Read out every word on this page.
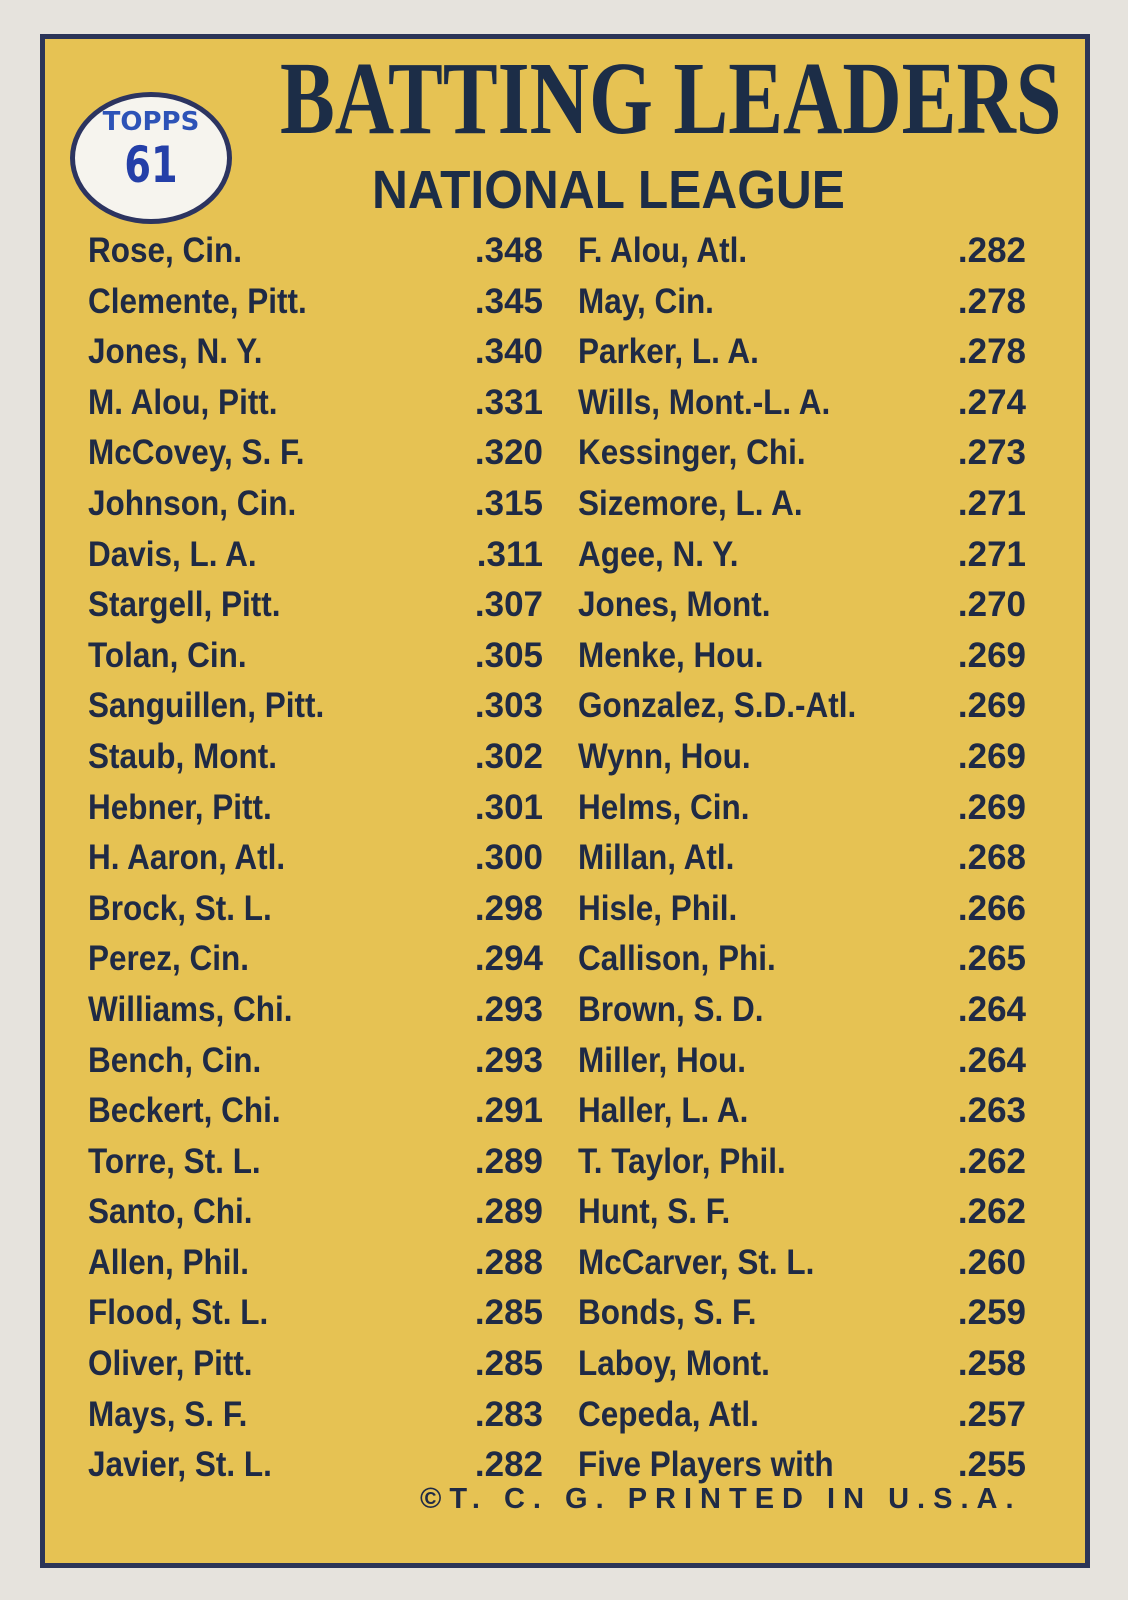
TOPPS
61
BATTING LEADERS
NATIONAL LEAGUE
Rose, Cin.	.348
Clemente, Pitt.	.345
Jones, N. Y.	.340
M. Alou, Pitt.	.331
McCovey, S. F.	.320
Johnson, Cin.	.315
Davis, L. A.	.311
Stargell, Pitt.	.307
Tolan, Cin.	.305
Sanguillen, Pitt.	.303
Staub, Mont.	.302
Hebner, Pitt.	.301
H. Aaron, Atl.	.300
Brock, St. L.	.298
Perez, Cin.	.294
Williams, Chi.	.293
Bench, Cin.	.293
Beckert, Chi.	.291
Torre, St. L.	.289
Santo, Chi.	.289
Allen, Phil.	.288
Flood, St. L.	.285
Oliver, Pitt.	.285
Mays, S. F.	.283
Javier, St. L.	.282
F. Alou, Atl.	.282
May, Cin.	.278
Parker, L. A.	.278
Wills, Mont.-L. A.	.274
Kessinger, Chi.	.273
Sizemore, L. A.	.271
Agee, N. Y.	.271
Jones, Mont.	.270
Menke, Hou.	.269
Gonzalez, S.D.-Atl.	.269
Wynn, Hou.	.269
Helms, Cin.	.269
Millan, Atl.	.268
Hisle, Phil.	.266
Callison, Phi.	.265
Brown, S. D.	.264
Miller, Hou.	.264
Haller, L. A.	.263
T. Taylor, Phil.	.262
Hunt, S. F.	.262
McCarver, St. L.	.260
Bonds, S. F.	.259
Laboy, Mont.	.258
Cepeda, Atl.	.257
Five Players with	.255
©T. C. G. PRINTED IN U.S.A.
